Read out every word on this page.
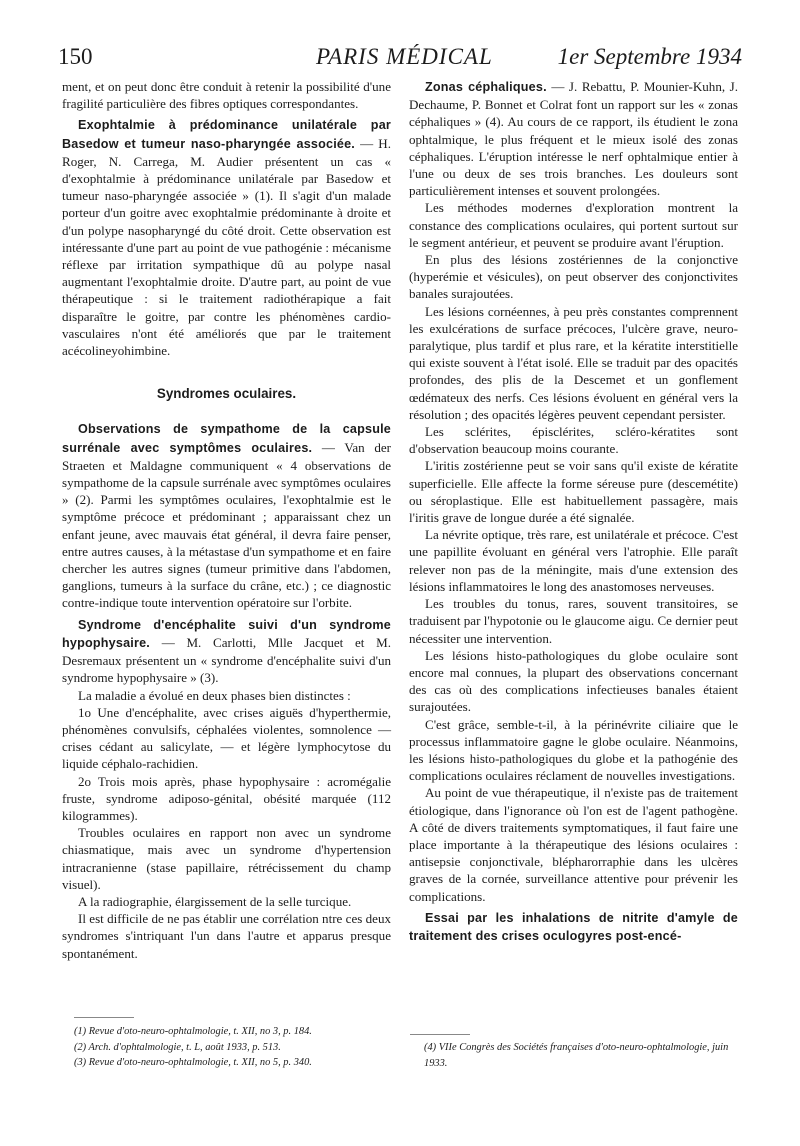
150	PARIS MÉDICAL	1er Septembre 1934

ment, et on peut donc être conduit à retenir la possibilité d'une fragilité particulière des fibres optiques correspondantes.

Exophtalmie à prédominance unilatérale par Basedow et tumeur naso-pharyngée associée. — H. Roger, N. Carrega, M. Audier présentent un cas « d'exophtalmie à prédominance unilatérale par Basedow et tumeur naso-pharyngée associée » (1). Il s'agit d'un malade porteur d'un goitre avec exophtalmie prédominante à droite et d'un polype nasopharyngé du côté droit. Cette observation est intéressante d'une part au point de vue pathogénie : mécanisme réflexe par irritation sympathique dû au polype nasal augmentant l'exophtalmie droite. D'autre part, au point de vue thérapeutique : si le traitement radiothérapique a fait disparaître le goitre, par contre les phénomènes cardio-vasculaires n'ont été améliorés que par le traitement acécolineyohimbine.

Syndromes oculaires.

Observations de sympathome de la capsule surrénale avec symptômes oculaires. — Van der Straeten et Maldagne communiquent « 4 observations de sympathome de la capsule surrénale avec symptômes oculaires » (2). Parmi les symptômes oculaires, l'exophtalmie est le symptôme précoce et prédominant ; apparaissant chez un enfant jeune, avec mauvais état général, il devra faire penser, entre autres causes, à la métastase d'un sympathome et en faire chercher les autres signes (tumeur primitive dans l'abdomen, ganglions, tumeurs à la surface du crâne, etc.) ; ce diagnostic contre-indique toute intervention opératoire sur l'orbite.

Syndrome d'encéphalite suivi d'un syndrome hypophysaire. — M. Carlotti, Mlle Jacquet et M. Desremaux présentent un « syndrome d'encéphalite suivi d'un syndrome hypophysaire » (3).

La maladie a évolué en deux phases bien distinctes :

1o Une d'encéphalite, avec crises aiguës d'hyperthermie, phénomènes convulsifs, céphalées violentes, somnolence — crises cédant au salicylate, — et légère lymphocytose du liquide céphalo-rachidien.

2o Trois mois après, phase hypophysaire : acromégalie fruste, syndrome adiposo-génital, obésité marquée (112 kilogrammes).

Troubles oculaires en rapport non avec un syndrome chiasmatique, mais avec un syndrome d'hypertension intracranienne (stase papillaire, rétrécissement du champ visuel).

A la radiographie, élargissement de la selle turcique.

Il est difficile de ne pas établir une corrélation ntre ces deux syndromes s'intriquant l'un dans l'autre et apparus presque spontanément.

(1) Revue d'oto-neuro-ophtalmologie, t. XII, no 3, p. 184.
(2) Arch. d'ophtalmologie, t. L, août 1933, p. 513.
(3) Revue d'oto-neuro-ophtalmologie, t. XII, no 5, p. 340.

Zonas céphaliques. — J. Rebattu, P. Mounier-Kuhn, J. Dechaume, P. Bonnet et Colrat font un rapport sur les « zonas céphaliques » (4). Au cours de ce rapport, ils étudient le zona ophtalmique, le plus fréquent et le mieux isolé des zonas céphaliques. L'éruption intéresse le nerf ophtalmique entier à l'une ou deux de ses trois branches. Les douleurs sont particulièrement intenses et souvent prolongées.

Les méthodes modernes d'exploration montrent la constance des complications oculaires, qui portent surtout sur le segment antérieur, et peuvent se produire avant l'éruption.

En plus des lésions zostériennes de la conjonctive (hyperémie et vésicules), on peut observer des conjonctivites banales surajoutées.

Les lésions cornéennes, à peu près constantes comprennent les exulcérations de surface précoces, l'ulcère grave, neuro-paralytique, plus tardif et plus rare, et la kératite interstitielle qui existe souvent à l'état isolé. Elle se traduit par des opacités profondes, des plis de la Descemet et un gonflement œdémateux des nerfs. Ces lésions évoluent en général vers la résolution ; des opacités légères peuvent cependant persister.

Les sclérites, épisclérites, scléro-kératites sont d'observation beaucoup moins courante.

L'iritis zostérienne peut se voir sans qu'il existe de kératite superficielle. Elle affecte la forme séreuse pure (descemétite) ou séroplastique. Elle est habituellement passagère, mais l'iritis grave de longue durée a été signalée.

La névrite optique, très rare, est unilatérale et précoce. C'est une papillite évoluant en général vers l'atrophie. Elle paraît relever non pas de la méningite, mais d'une extension des lésions inflammatoires le long des anastomoses nerveuses.

Les troubles du tonus, rares, souvent transitoires, se traduisent par l'hypotonie ou le glaucome aigu. Ce dernier peut nécessiter une intervention.

Les lésions histo-pathologiques du globe oculaire sont encore mal connues, la plupart des observations concernant des cas où des complications infectieuses banales étaient surajoutées.

C'est grâce, semble-t-il, à la périnévrite ciliaire que le processus inflammatoire gagne le globe oculaire. Néanmoins, les lésions histo-pathologiques du globe et la pathogénie des complications oculaires réclament de nouvelles investigations.

Au point de vue thérapeutique, il n'existe pas de traitement étiologique, dans l'ignorance où l'on est de l'agent pathogène. A côté de divers traitements symptomatiques, il faut faire une place importante à la thérapeutique des lésions oculaires : antisepsie conjonctivale, blépharorraphie dans les ulcères graves de la cornée, surveillance attentive pour prévenir les complications.

Essai par les inhalations de nitrite d'amyle de traitement des crises oculogyres post-encé-

(4) VIIe Congrès des Sociétés françaises d'oto-neuro-ophtalmologie, juin 1933.
